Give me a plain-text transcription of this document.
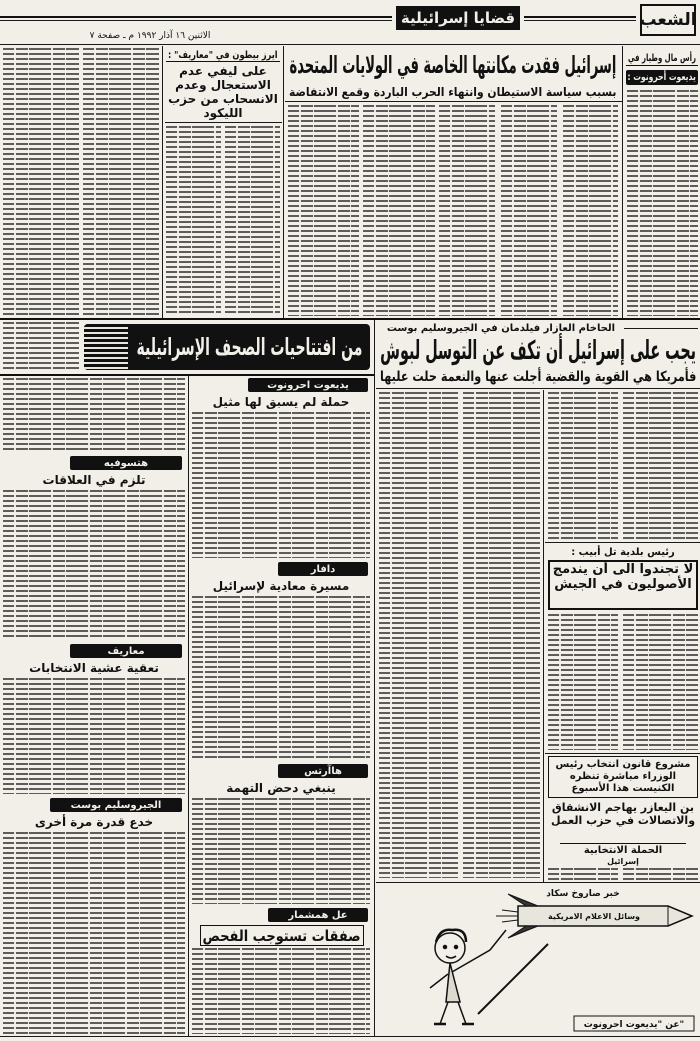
الشعب
قضايا إسرائيلية
الاثنين ١٦ آذار ١٩٩٢ م ـ صفحة ٧
رأس مال وطيار في
يديعوت أحرونوت :
إسرائيل فقدت مكانتها الخاصة في الولايات المتحدة
بسبب سياسة الاستيطان وانتهاء الحرب الباردة وقمع الانتفاضة
ايرز بيطون في "معاريف" :
على ليفي عدم الاستعجال وعدم الانسحاب من حزب الليكود
الحاخام العازار فيلدمان في الجيروسليم بوست
يجب على إسرائيل أن تكف عن التوسل لبوش
فأمريكا هي القوية والقضية أجلت عنها والنعمة حلت عليها
رئيس بلدية تل أبيب :
لا تجندوا الى أن يندمج الأصوليون في الجيش
مشروع قانون انتخاب رئيس الوزراء مباشرة تنظره الكنيست هذا الأسبوع
بن اليعازر يهاجم الانشقاق والاتصالات في حزب العمل
الحملة الانتخابية
إسرائيل
خبر صاروخ سكاد
وسائل الاعلام الامريكية
عن "يديعوت احرونوت"
من افتتاحيات الصحف الإسرائيلية
يديعوت احرونوت
حملة لم يسبق لها مثيل
دافار
مسيرة معادية لإسرائيل
هاآرتس
ينبغي دحض التهمة
عل همشمار
صفقات تستوجب الفحص
هتسوفيه
تلزم في العلاقات
معاريف
تعقية عشية الانتخابات
الجيروسليم بوست
خدع قدرة مرة أخرى
